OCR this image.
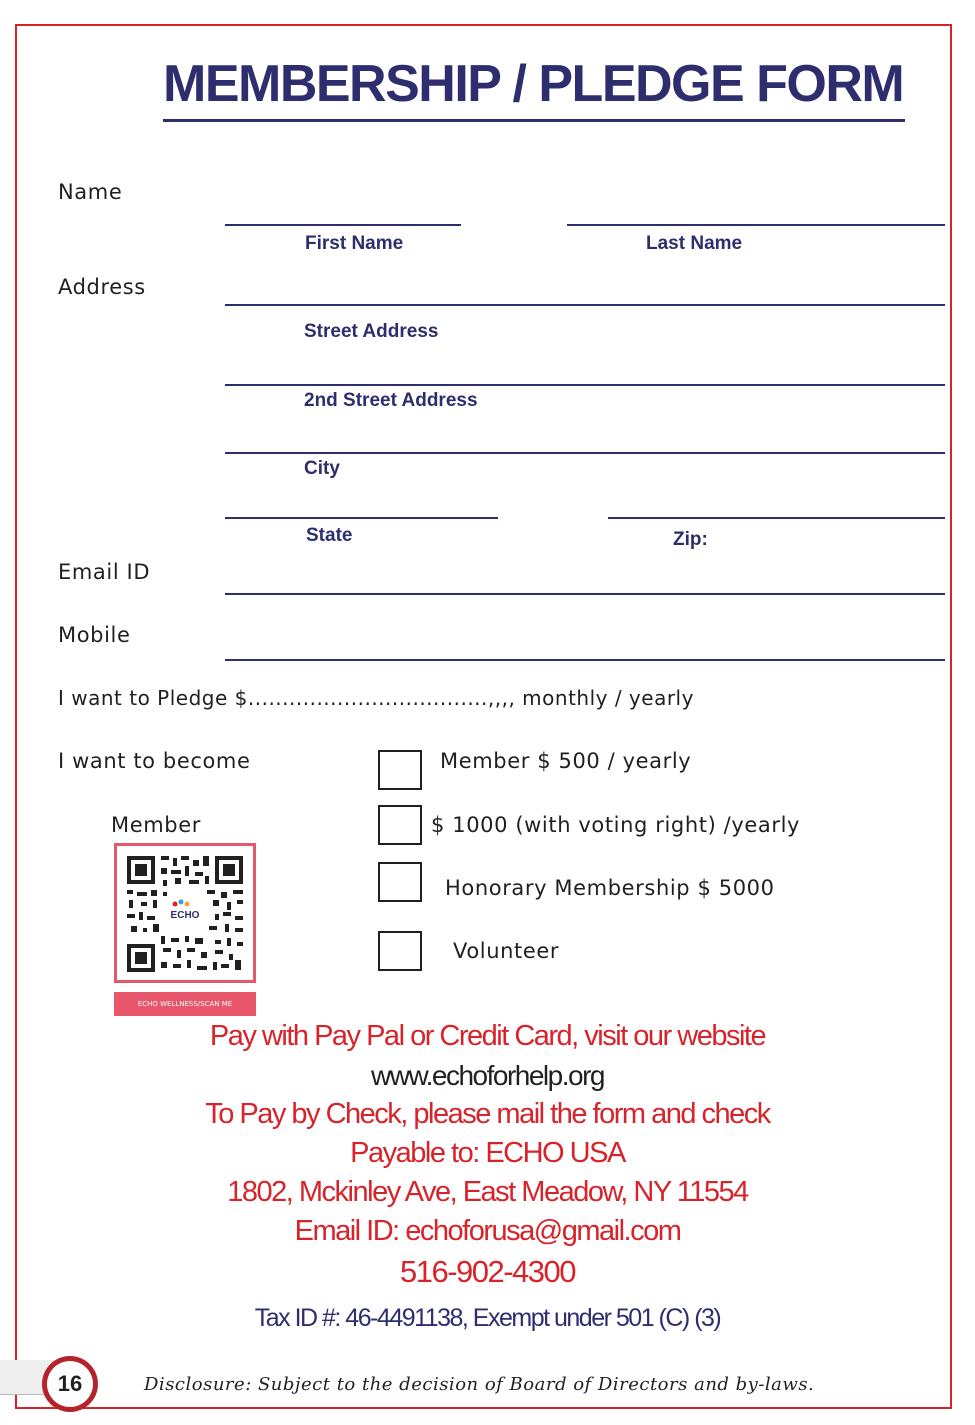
MEMBERSHIP / PLEDGE FORM
Name
First Name	Last Name
Address
Street Address
2nd Street Address
City
State	Zip:
Email ID
Mobile
I want to Pledge $...................................,,,, monthly / yearly
I want to become
Member
Member $ 500 / yearly
$ 1000 (with voting right) /yearly
Honorary Membership $ 5000
Volunteer
ECHO
ECHO WELLNESS/SCAN ME
Pay with Pay Pal or Credit Card, visit our website
www.echoforhelp.org
To Pay by Check, please mail the form and check
Payable to: ECHO USA
1802, Mckinley Ave, East Meadow, NY 11554
Email ID: echoforusa@gmail.com
516-902-4300
Tax ID #: 46-4491138, Exempt under 501 (C) (3)
16	Disclosure: Subject to the decision of Board of Directors and by-laws.
